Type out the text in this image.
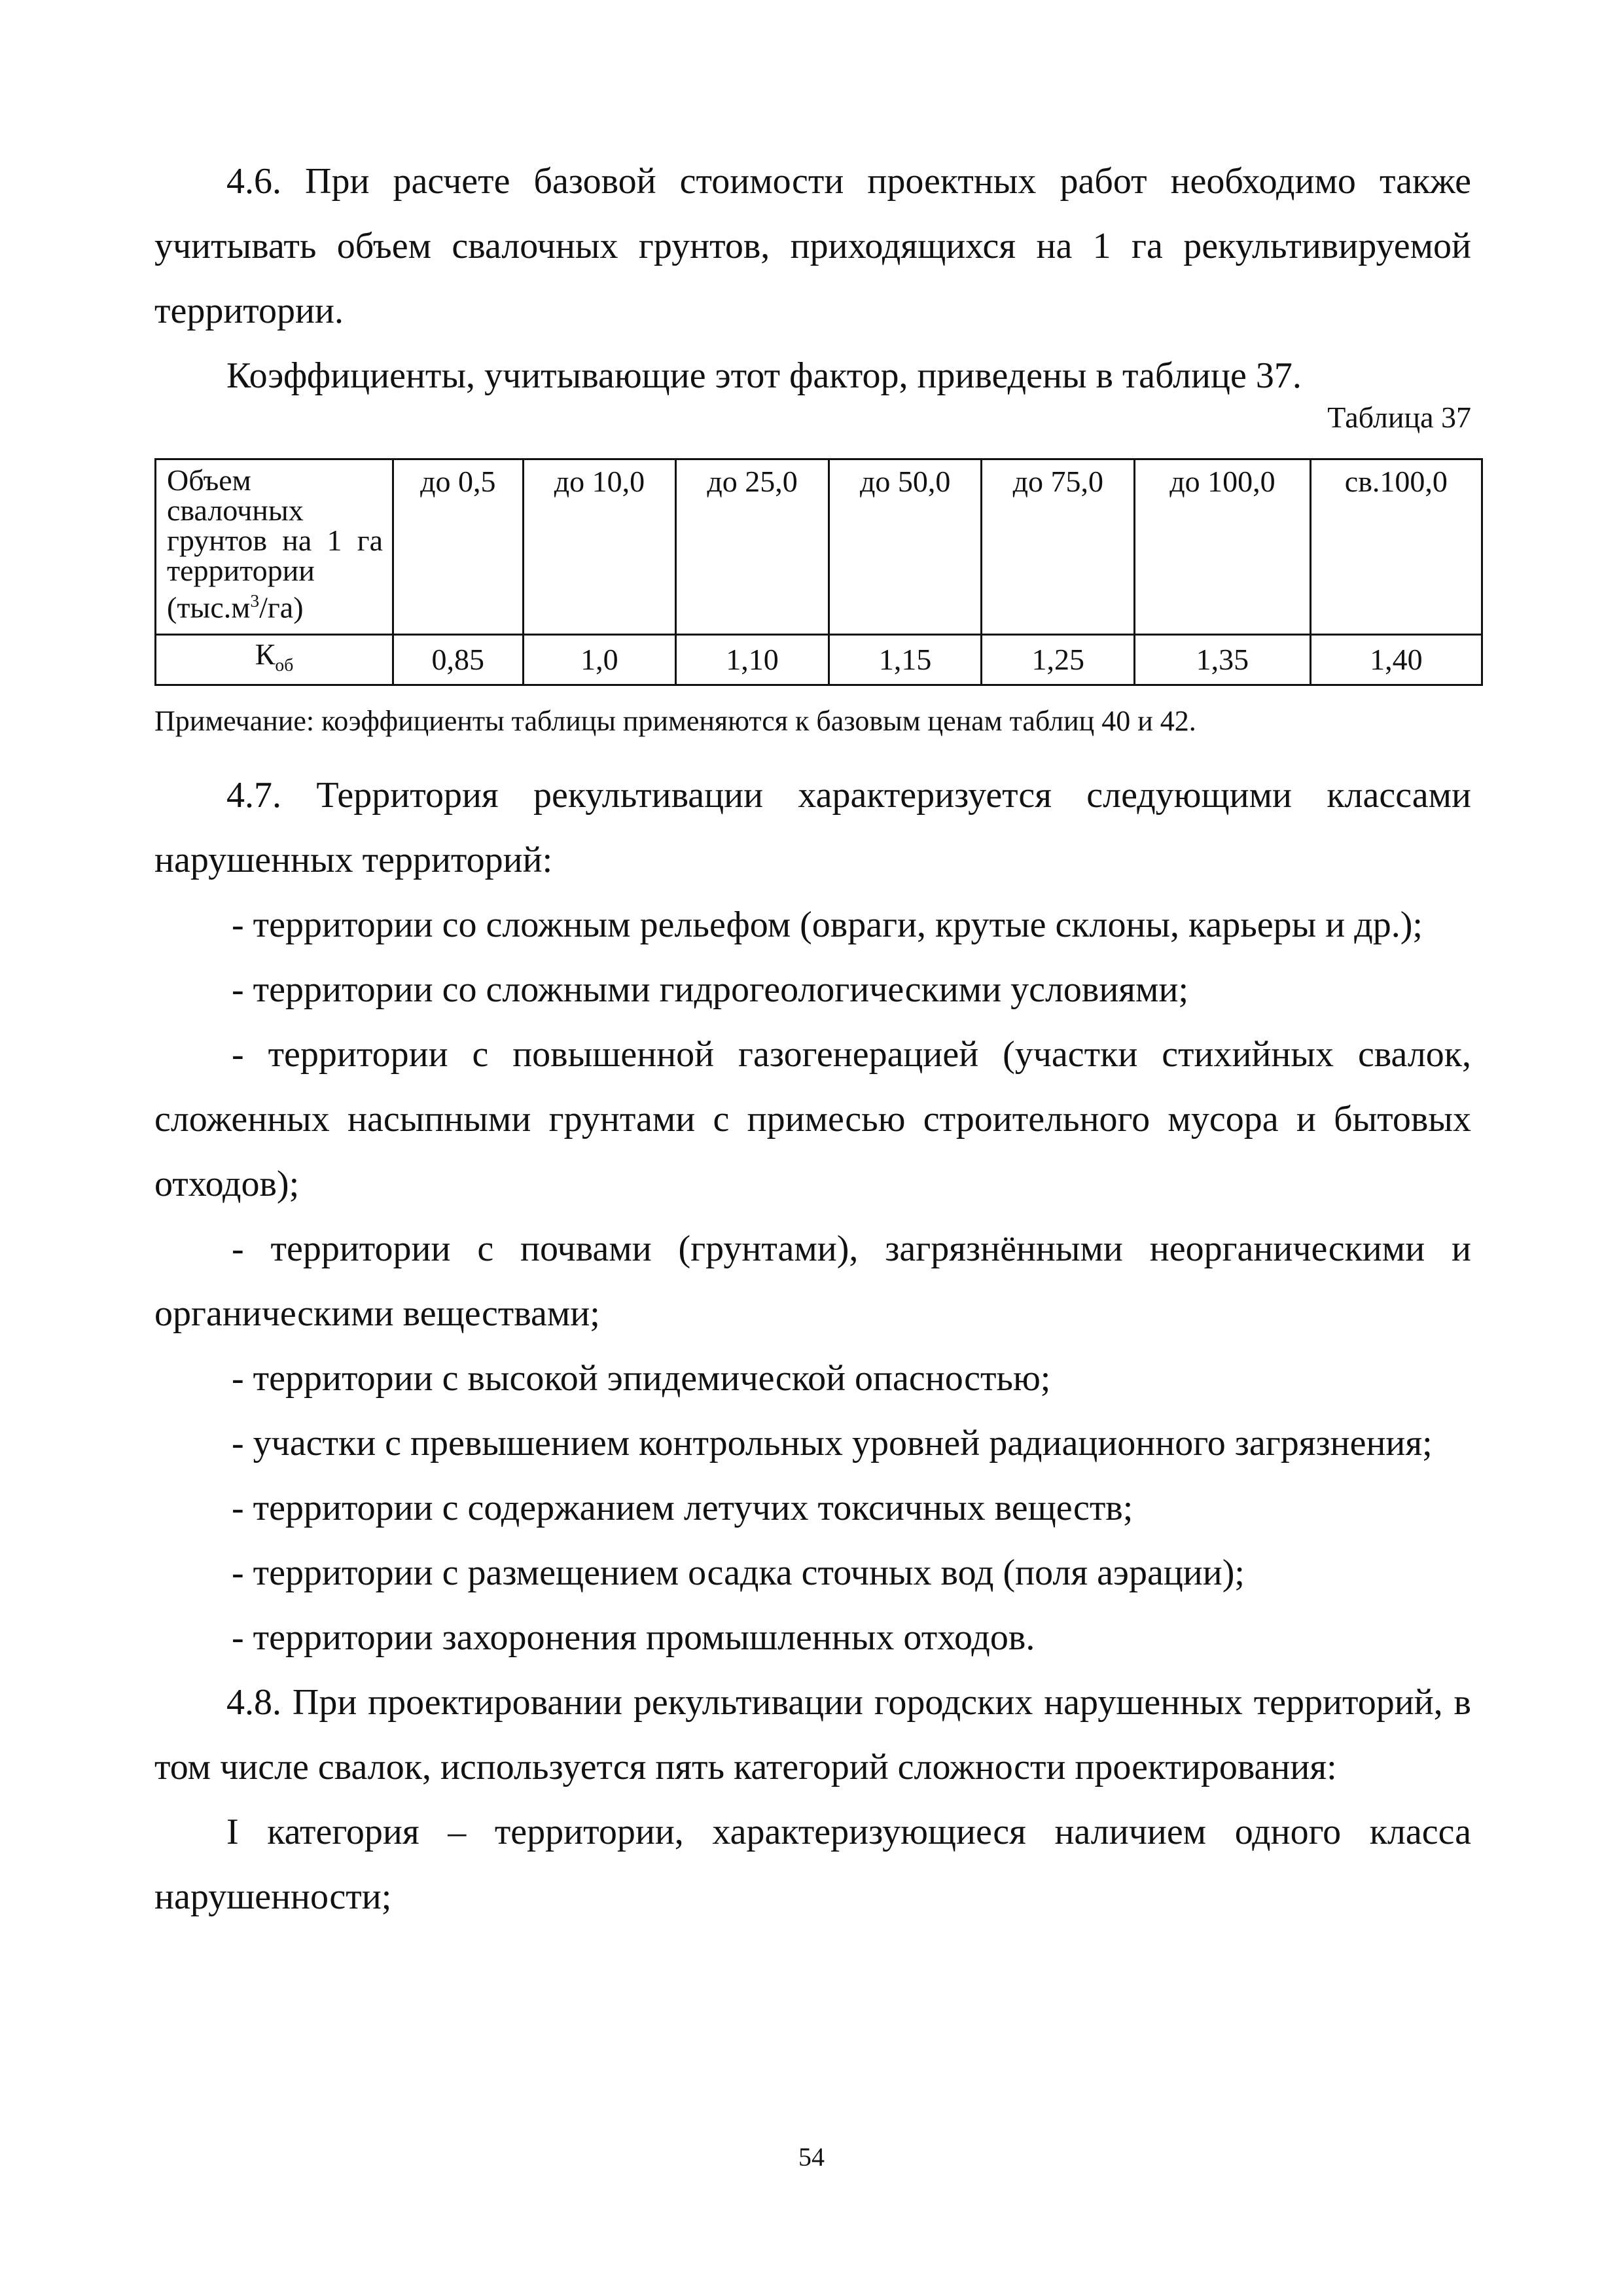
4.6. При расчете базовой стоимости проектных работ необходимо также учитывать объем свалочных грунтов, приходящихся на 1 га рекультивируемой территории.

Коэффициенты, учитывающие этот фактор, приведены в таблице 37.

Таблица 37
Объем свалочных грунтов на 1 га территории $(тыс.м^3/га)$	до 0,5	до 10,0	до 25,0	до 50,0	до 75,0	до 100,0	св.100,0
$К_{об}$	0,85	1,0	1,10	1,15	1,25	1,35	1,40
Примечание: коэффициенты таблицы применяются к базовым ценам таблиц 40 и 42.

4.7. Территория рекультивации характеризуется следующими классами нарушенных территорий:

- территории со сложным рельефом (овраги, крутые склоны, карьеры и др.);

- территории со сложными гидрогеологическими условиями;

- территории с повышенной газогенерацией (участки стихийных свалок, сложенных насыпными грунтами с примесью строительного мусора и бытовых отходов);

- территории с почвами (грунтами), загрязнёнными неорганическими и органическими веществами;

- территории с высокой эпидемической опасностью;

- участки с превышением контрольных уровней радиационного загрязнения;

- территории с содержанием летучих токсичных веществ;

- территории с размещением осадка сточных вод (поля аэрации);

- территории захоронения промышленных отходов.

4.8. При проектировании рекультивации городских нарушенных территорий, в том числе свалок, используется пять категорий сложности проектирования:

I категория – территории, характеризующиеся наличием одного класса нарушенности;

54
